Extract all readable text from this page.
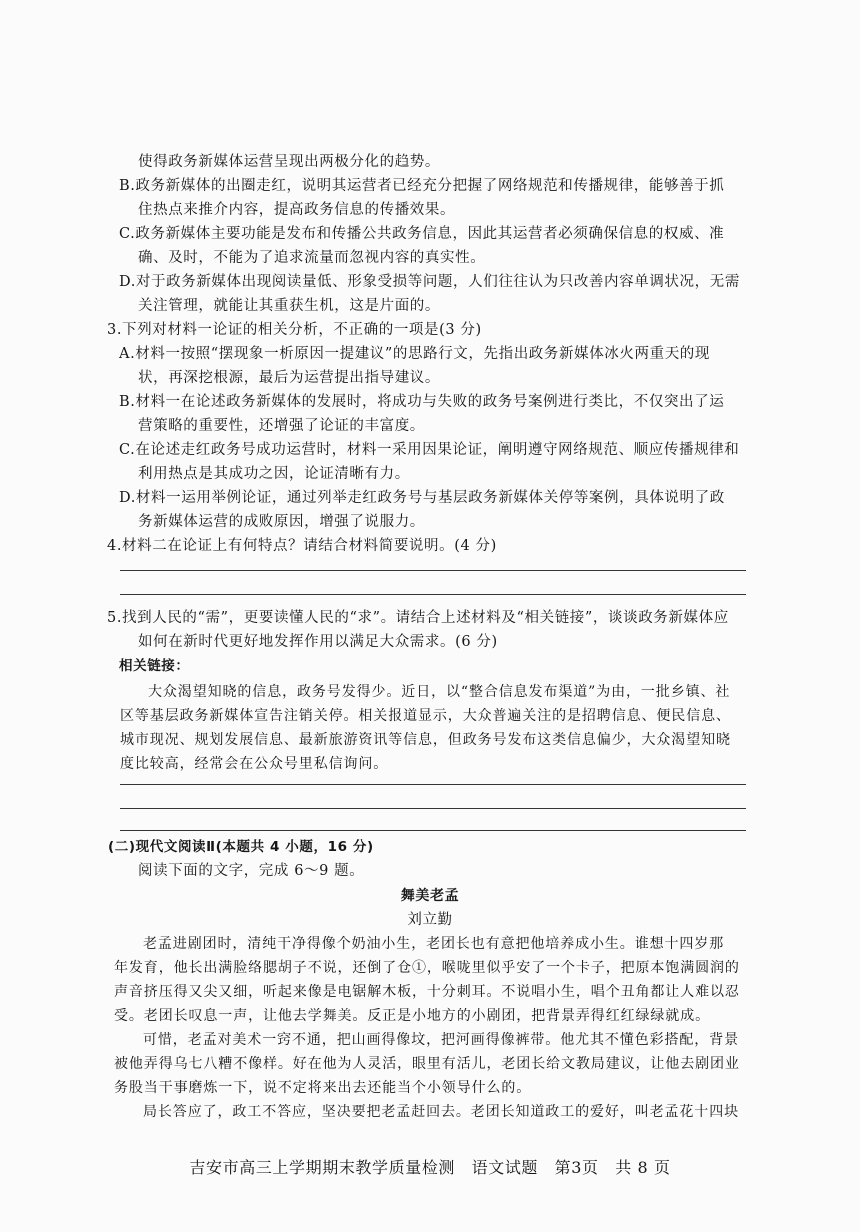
使得政务新媒体运营呈现出两极分化的趋势。
B.政务新媒体的出圈走红，说明其运营者已经充分把握了网络规范和传播规律，能够善于抓
住热点来推介内容，提高政务信息的传播效果。
C.政务新媒体主要功能是发布和传播公共政务信息，因此其运营者必须确保信息的权威、准
确、及时，不能为了追求流量而忽视内容的真实性。
D.对于政务新媒体出现阅读量低、形象受损等问题，人们往往认为只改善内容单调状况，无需
关注管理，就能让其重获生机，这是片面的。
3.下列对材料一论证的相关分析，不正确的一项是(3 分)
A.材料一按照“摆现象一析原因一提建议”的思路行文，先指出政务新媒体冰火两重天的现
状，再深挖根源，最后为运营提出指导建议。
B.材料一在论述政务新媒体的发展时，将成功与失败的政务号案例进行类比，不仅突出了运
营策略的重要性，还增强了论证的丰富度。
C.在论述走红政务号成功运营时，材料一采用因果论证，阐明遵守网络规范、顺应传播规律和
利用热点是其成功之因，论证清晰有力。
D.材料一运用举例论证，通过列举走红政务号与基层政务新媒体关停等案例，具体说明了政
务新媒体运营的成败原因，增强了说服力。
4.材料二在论证上有何特点？请结合材料简要说明。(4 分)
5.找到人民的“需”，更要读懂人民的“求”。请结合上述材料及“相关链接”，谈谈政务新媒体应
如何在新时代更好地发挥作用以满足大众需求。(6 分)
相关链接：
大众渴望知晓的信息，政务号发得少。近日，以“整合信息发布渠道”为由，一批乡镇、社
区等基层政务新媒体宣告注销关停。相关报道显示，大众普遍关注的是招聘信息、便民信息、
城市现况、规划发展信息、最新旅游资讯等信息，但政务号发布这类信息偏少，大众渴望知晓
度比较高，经常会在公众号里私信询问。
(二)现代文阅读Ⅱ(本题共 4 小题，16 分)
阅读下面的文字，完成 6～9 题。
舞美老孟
刘立勤
老孟进剧团时，清纯干净得像个奶油小生，老团长也有意把他培养成小生。谁想十四岁那
年发育，他长出满脸络腮胡子不说，还倒了仓①，喉咙里似乎安了一个卡子，把原本饱满圆润的
声音挤压得又尖又细，听起来像是电锯解木板，十分刺耳。不说唱小生，唱个丑角都让人难以忍
受。老团长叹息一声，让他去学舞美。反正是小地方的小剧团，把背景弄得红红绿绿就成。
可惜，老孟对美术一窍不通，把山画得像坟，把河画得像裤带。他尤其不懂色彩搭配，背景
被他弄得乌七八糟不像样。好在他为人灵活，眼里有活儿，老团长给文教局建议，让他去剧团业
务股当干事磨炼一下，说不定将来出去还能当个小领导什么的。
局长答应了，政工不答应，坚决要把老孟赶回去。老团长知道政工的爱好，叫老孟花十四块
吉安市高三上学期期末教学质量检测　语文试题　第3页　共 8 页
